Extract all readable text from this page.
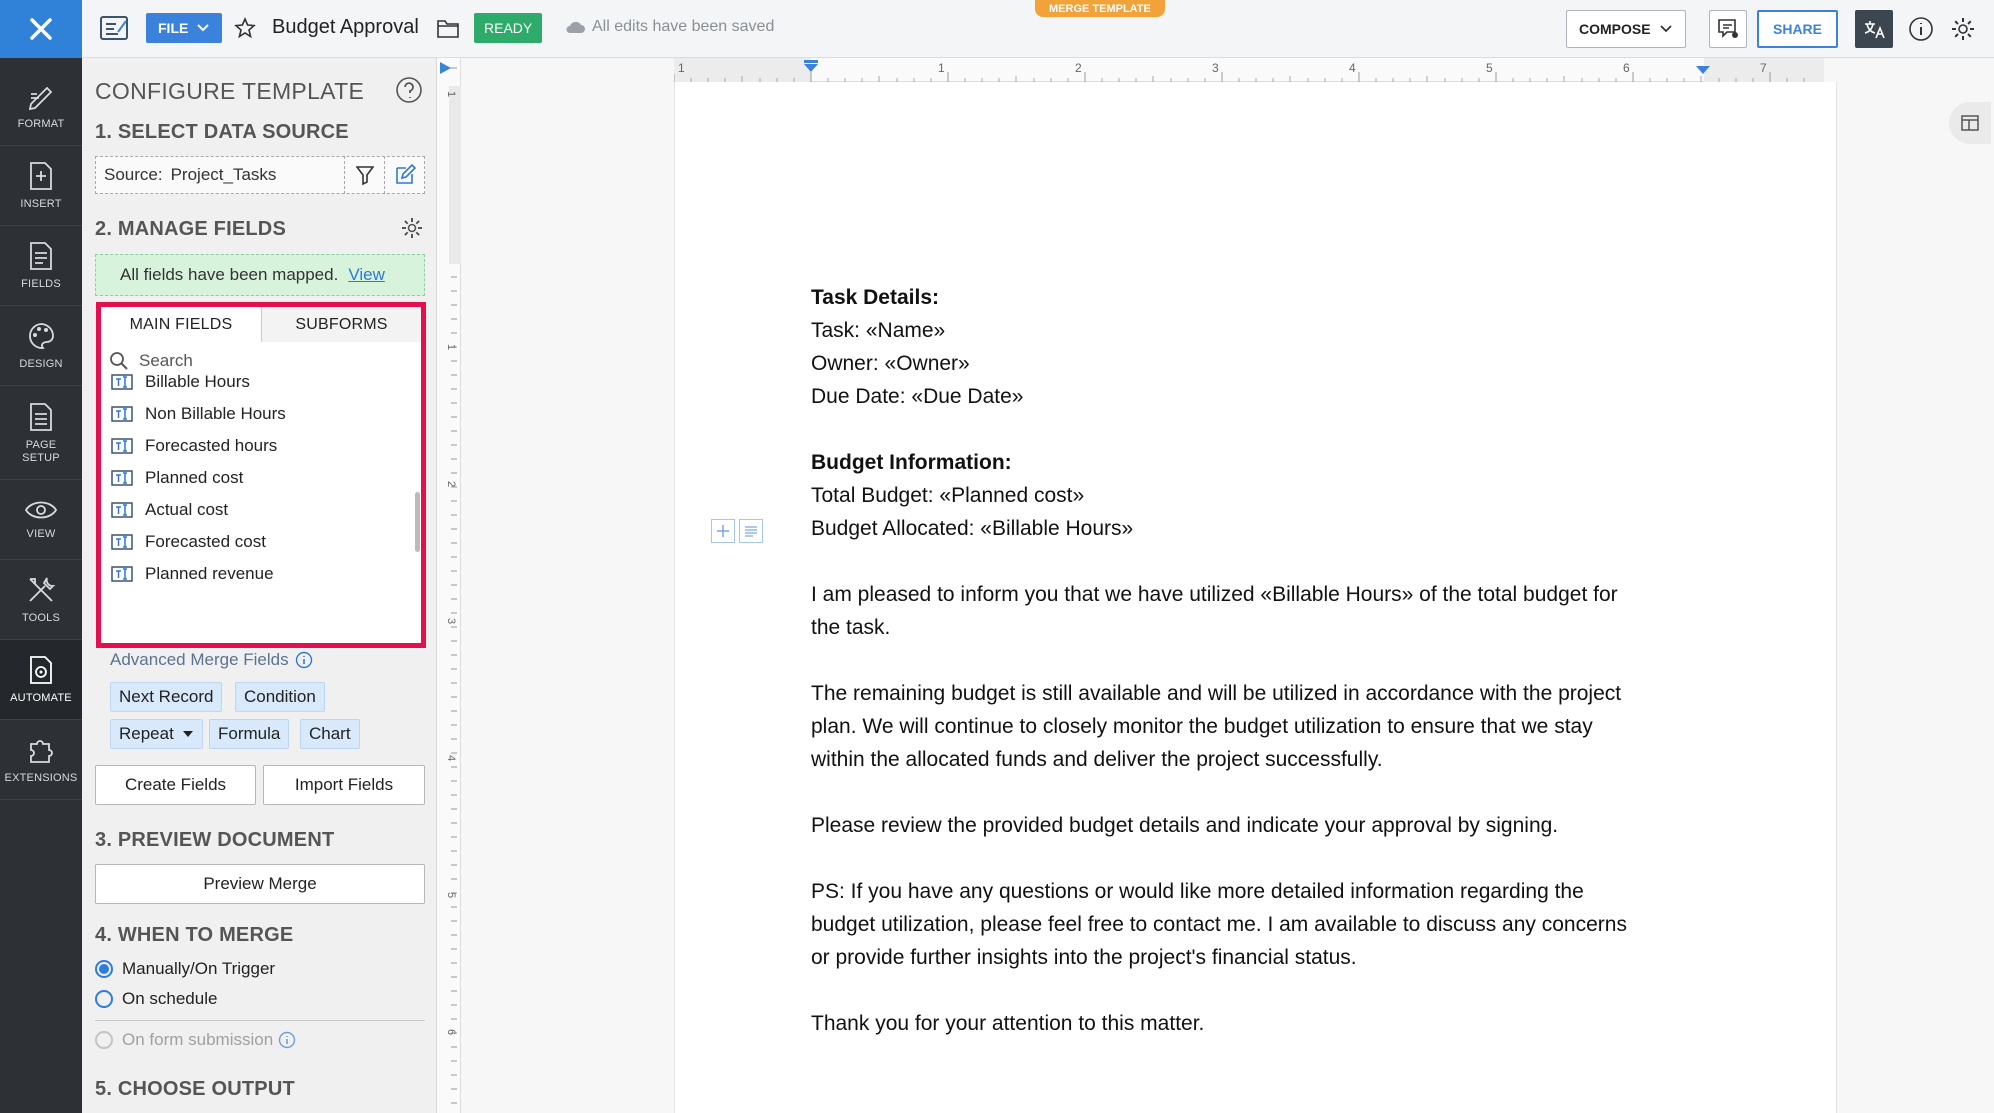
FORMAT
INSERT
FIELDS
DESIGN
PAGE SETUP
VIEW
TOOLS
AUTOMATE
EXTENSIONS
FILE	Budget Approval	READY	All edits have been saved
MERGE TEMPLATE
COMPOSE	SHARE
CONFIGURE TEMPLATE
1. SELECT DATA SOURCE
Source: Project_Tasks
2. MANAGE FIELDS
All fields have been mapped. View
MAIN FIELDS	SUBFORMS
Search
Billable Hours
Non Billable Hours
Forecasted hours
Planned cost
Actual cost
Forecasted cost
Planned revenue
Advanced Merge Fields
Next Record	Condition
Repeat	Formula	Chart
Create Fields	Import Fields
3. PREVIEW DOCUMENT
Preview Merge
4. WHEN TO MERGE
Manually/On Trigger
On schedule
On form submission
5. CHOOSE OUTPUT
1
1
2
3
4
5
6
1	1	2	3	4	5	6	7
Task Details:
Task: «Name»
Owner: «Owner»
Due Date: «Due Date»
Budget Information:
Total Budget: «Planned cost»
Budget Allocated: «Billable Hours»
I am pleased to inform you that we have utilized «Billable Hours» of the total budget for
the task.
The remaining budget is still available and will be utilized in accordance with the project
plan. We will continue to closely monitor the budget utilization to ensure that we stay
within the allocated funds and deliver the project successfully.
Please review the provided budget details and indicate your approval by signing.
PS: If you have any questions or would like more detailed information regarding the
budget utilization, please feel free to contact me. I am available to discuss any concerns
or provide further insights into the project's financial status.
Thank you for your attention to this matter.
